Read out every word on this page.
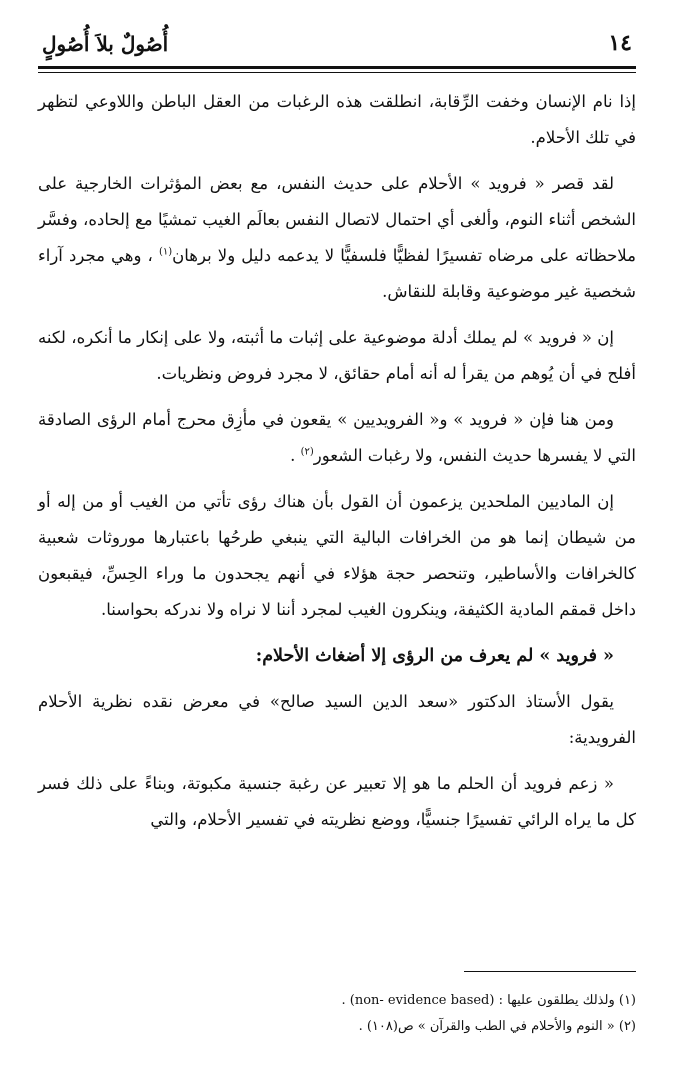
١٤
أُصُولٌ بلاَ أُصُولٍ

إذا نام الإنسان وخفت الرِّقابة، انطلقت هذه الرغبات من العقل الباطن واللاوعي لتظهر في تلك الأحلام.

لقد قصر « فرويد » الأحلام على حديث النفس، مع بعض المؤثرات الخارجية على الشخص أثناء النوم، وألغى أي احتمال لاتصال النفس بعالَم الغيب تمشيًا مع إلحاده، وفسَّر ملاحظاته على مرضاه تفسيرًا لفظيًّا فلسفيًّا لا يدعمه دليل ولا برهان$^{(١)}$ ، وهي مجرد آراء شخصية غير موضوعية وقابلة للنقاش.

إن « فرويد » لم يملك أدلة موضوعية على إثبات ما أثبته، ولا على إنكار ما أنكره، لكنه أفلح في أن يُوهم من يقرأ له أنه أمام حقائق، لا مجرد فروض ونظريات.

ومن هنا فإن « فرويد » و« الفرويديين » يقعون في مأزِق محرج أمام الرؤى الصادقة التي لا يفسرها حديث النفس، ولا رغبات الشعور$^{(٢)}$ .

إن الماديين الملحدين يزعمون أن القول بأن هناك رؤى تأتي من الغيب أو من إله أو من شيطان إنما هو من الخرافات البالية التي ينبغي طرحُها باعتبارها موروثات شعبية كالخرافات والأساطير، وتنحصر حجة هؤلاء في أنهم يجحدون ما وراء الحِسِّ، فيقبعون داخل قمقم المادية الكثيفة، وينكرون الغيب لمجرد أننا لا نراه ولا ندركه بحواسنا.

« فرويد » لم يعرف من الرؤى إلا أضغاث الأحلام:

يقول الأستاذ الدكتور «سعد الدين السيد صالح» في معرض نقده نظرية الأحلام الفرويدية:

« زعم فرويد أن الحلم ما هو إلا تعبير عن رغبة جنسية مكبوتة، وبناءً على ذلك فسر كل ما يراه الرائي تفسيرًا جنسيًّا، ووضع نظريته في تفسير الأحلام، والتي

(١) ولذلك يطلقون عليها : (non- evidence based) .
(٢) « النوم والأحلام في الطب والقرآن » ص(١٠٨) .
